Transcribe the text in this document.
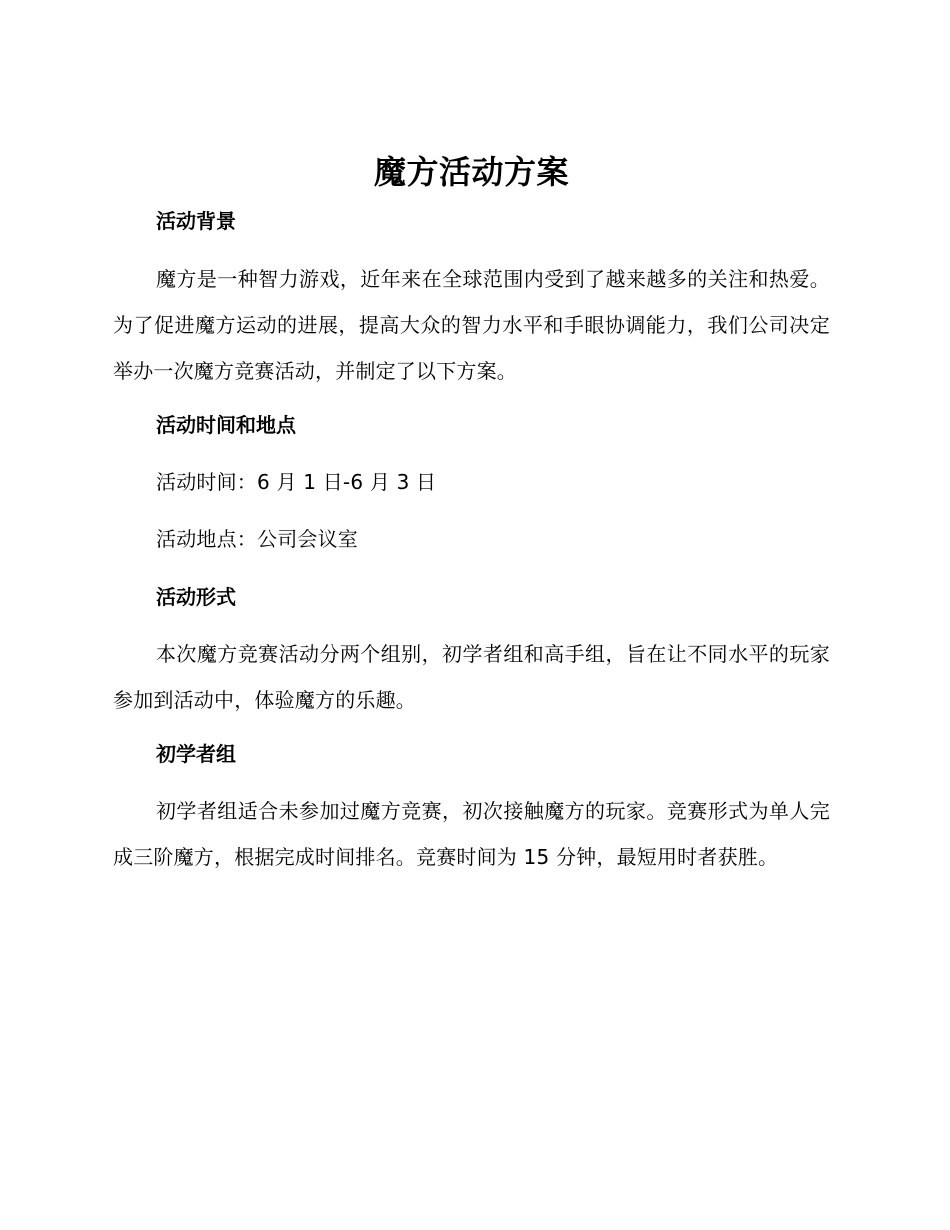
魔方活动方案
活动背景

魔方是一种智力游戏，近年来在全球范围内受到了越来越多的关注和热爱。为了促进魔方运动的进展，提高大众的智力水平和手眼协调能力，我们公司决定举办一次魔方竞赛活动，并制定了以下方案。

活动时间和地点
活动时间：6 月 1 日-6 月 3 日
活动地点：公司会议室
活动形式

本次魔方竞赛活动分两个组别，初学者组和高手组，旨在让不同水平的玩家参加到活动中，体验魔方的乐趣。

初学者组

初学者组适合未参加过魔方竞赛，初次接触魔方的玩家。竞赛形式为单人完成三阶魔方，根据完成时间排名。竞赛时间为 15 分钟，最短用时者获胜。
